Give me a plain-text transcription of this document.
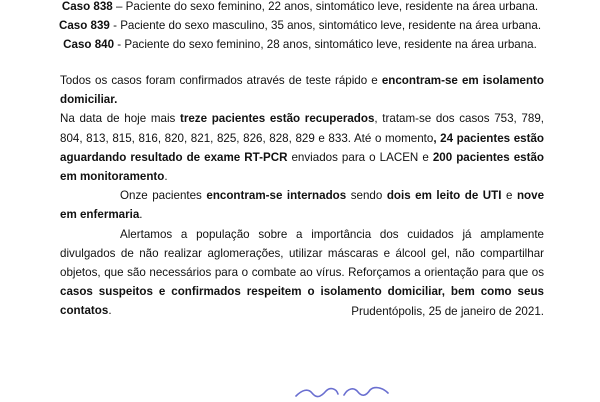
Caso 838 – Paciente do sexo feminino, 22 anos, sintomático leve, residente na área urbana.
Caso 839 - Paciente do sexo masculino, 35 anos, sintomático leve, residente na área urbana.
Caso 840 - Paciente do sexo feminino, 28 anos, sintomático leve, residente na área urbana.

Todos os casos foram confirmados através de teste rápido e encontram-se em isolamento domiciliar.

Na data de hoje mais treze pacientes estão recuperados, tratam-se dos casos 753, 789, 804, 813, 815, 816, 820, 821, 825, 826, 828, 829 e 833. Até o momento, 24 pacientes estão aguardando resultado de exame RT-PCR enviados para o LACEN e 200 pacientes estão em monitoramento.

Onze pacientes encontram-se internados sendo dois em leito de UTI e nove em enfermaria.

Alertamos a população sobre a importância dos cuidados já amplamente divulgados de não realizar aglomerações, utilizar máscaras e álcool gel, não compartilhar objetos, que são necessários para o combate ao vírus. Reforçamos a orientação para que os casos suspeitos e confirmados respeitem o isolamento domiciliar, bem como seus contatos.	Prudentópolis, 25 de janeiro de 2021.
